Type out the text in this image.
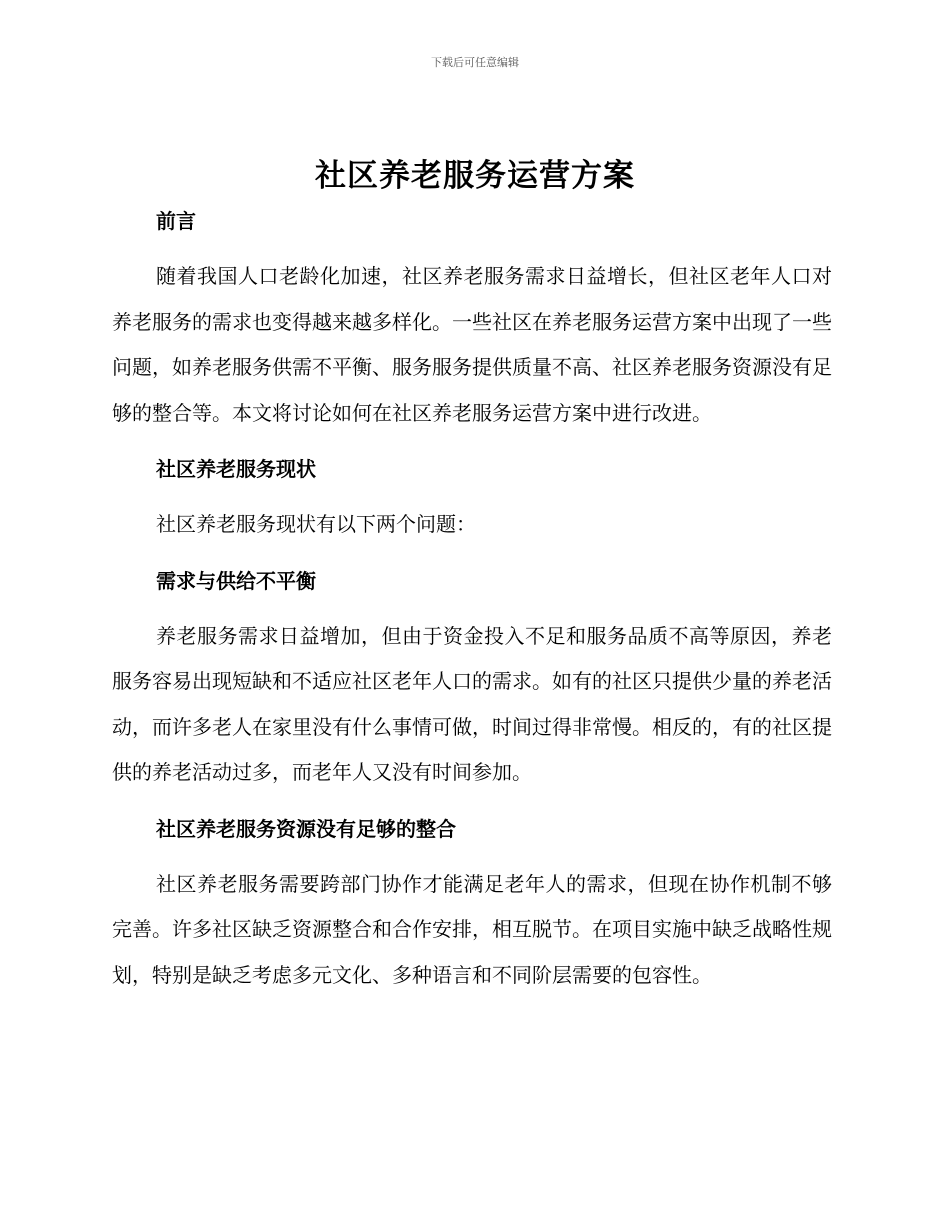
下载后可任意编辑
社区养老服务运营方案

前言

随着我国人口老龄化加速，社区养老服务需求日益增长，但社区老年人口对养老服务的需求也变得越来越多样化。一些社区在养老服务运营方案中出现了一些问题，如养老服务供需不平衡、服务服务提供质量不高、社区养老服务资源没有足够的整合等。本文将讨论如何在社区养老服务运营方案中进行改进。

社区养老服务现状

社区养老服务现状有以下两个问题：

需求与供给不平衡

养老服务需求日益增加，但由于资金投入不足和服务品质不高等原因，养老服务容易出现短缺和不适应社区老年人口的需求。如有的社区只提供少量的养老活动，而许多老人在家里没有什么事情可做，时间过得非常慢。相反的，有的社区提供的养老活动过多，而老年人又没有时间参加。

社区养老服务资源没有足够的整合

社区养老服务需要跨部门协作才能满足老年人的需求，但现在协作机制不够完善。许多社区缺乏资源整合和合作安排，相互脱节。在项目实施中缺乏战略性规划，特别是缺乏考虑多元文化、多种语言和不同阶层需要的包容性。
